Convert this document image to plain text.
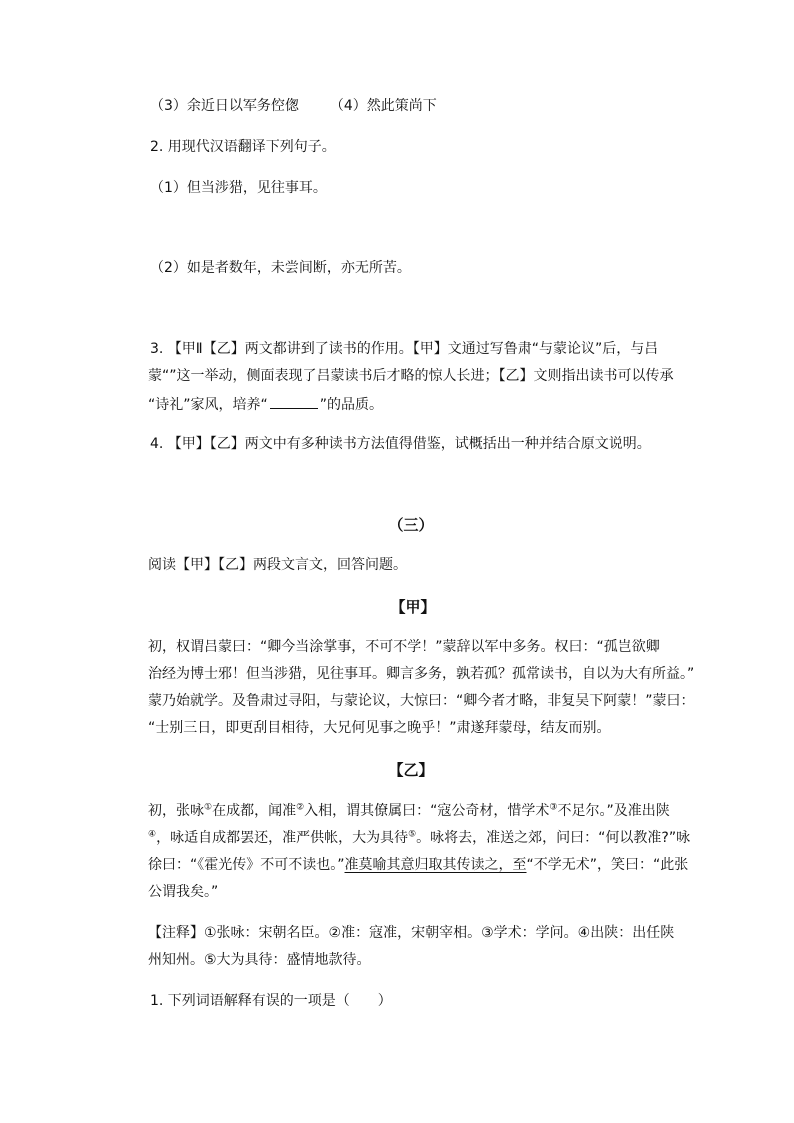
（3）余近日以军务倥偬 （4）然此策尚下
2. 用现代汉语翻译下列句子。
（1）但当涉猎，见往事耳。
（2）如是者数年，未尝间断，亦无所苦。
3. 【甲Ⅱ【乙】两文都讲到了读书的作用。【甲】文通过写鲁肃“与蒙论议”后，与吕
蒙“”这一举动，侧面表现了吕蒙读书后才略的惊人长进；【乙】文则指出读书可以传承
“诗礼”家风，培养“	”的品质。
4. 【甲】【乙】两文中有多种读书方法值得借鉴，试概括出一种并结合原文说明。
（三）
阅读【甲】【乙】两段文言文，回答问题。
【甲】
初，权谓吕蒙曰：“卿今当涂掌事，不可不学！”蒙辞以军中多务。权曰：“孤岂欲卿
治经为博士邪！但当涉猎，见往事耳。卿言多务，孰若孤？孤常读书，自以为大有所益。”
蒙乃始就学。及鲁肃过寻阳，与蒙论议，大惊曰：“卿今者才略，非复吴下阿蒙！”蒙曰：
“士别三日，即更刮目相待，大兄何见事之晚乎！”肃遂拜蒙母，结友而别。
【乙】
初，张咏①在成都，闻准②入相，谓其僚属曰：“寇公奇材，惜学术③不足尔。”及准出陕
④，咏适自成都罢还，准严供帐，大为具待⑤。咏将去，准送之郊，问曰：“何以教准?”咏
徐曰：“《霍光传》不可不读也。”准莫喻其意归取其传读之，至“不学无术”，笑曰：“此张
公谓我矣。”
【注释】①张咏：宋朝名臣。②准：寇准，宋朝宰相。③学术：学问。④出陕：出任陕
州知州。⑤大为具待：盛情地款待。
1. 下列词语解释有误的一项是（　　）
